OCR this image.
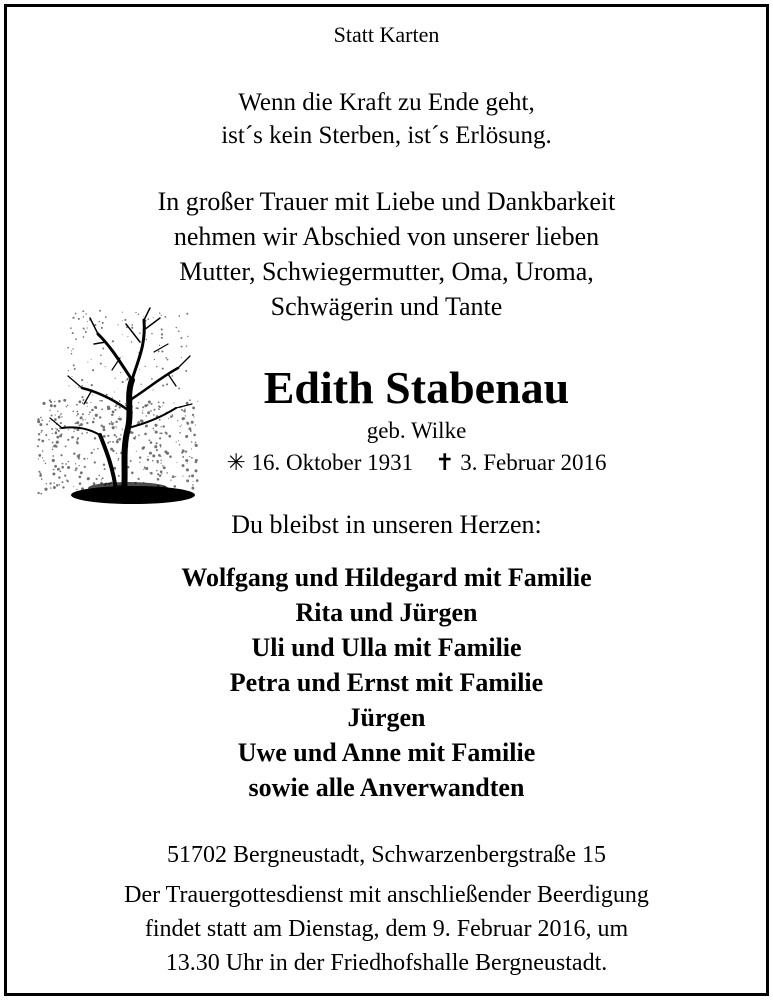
Statt Karten
Wenn die Kraft zu Ende geht,
ist´s kein Sterben, ist´s Erlösung.
In großer Trauer mit Liebe und Dankbarkeit
nehmen wir Abschied von unserer lieben
Mutter, Schwiegermutter, Oma, Uroma,
Schwägerin und Tante
Edith Stabenau
geb. Wilke
✳ 16. Oktober 1931 ✝ 3. Februar 2016
Du bleibst in unseren Herzen:
Wolfgang und Hildegard mit Familie
Rita und Jürgen
Uli und Ulla mit Familie
Petra und Ernst mit Familie
Jürgen
Uwe und Anne mit Familie
sowie alle Anverwandten
51702 Bergneustadt, Schwarzenbergstraße 15
Der Trauergottesdienst mit anschließender Beerdigung
findet statt am Dienstag, dem 9. Februar 2016, um
13.30 Uhr in der Friedhofshalle Bergneustadt.
